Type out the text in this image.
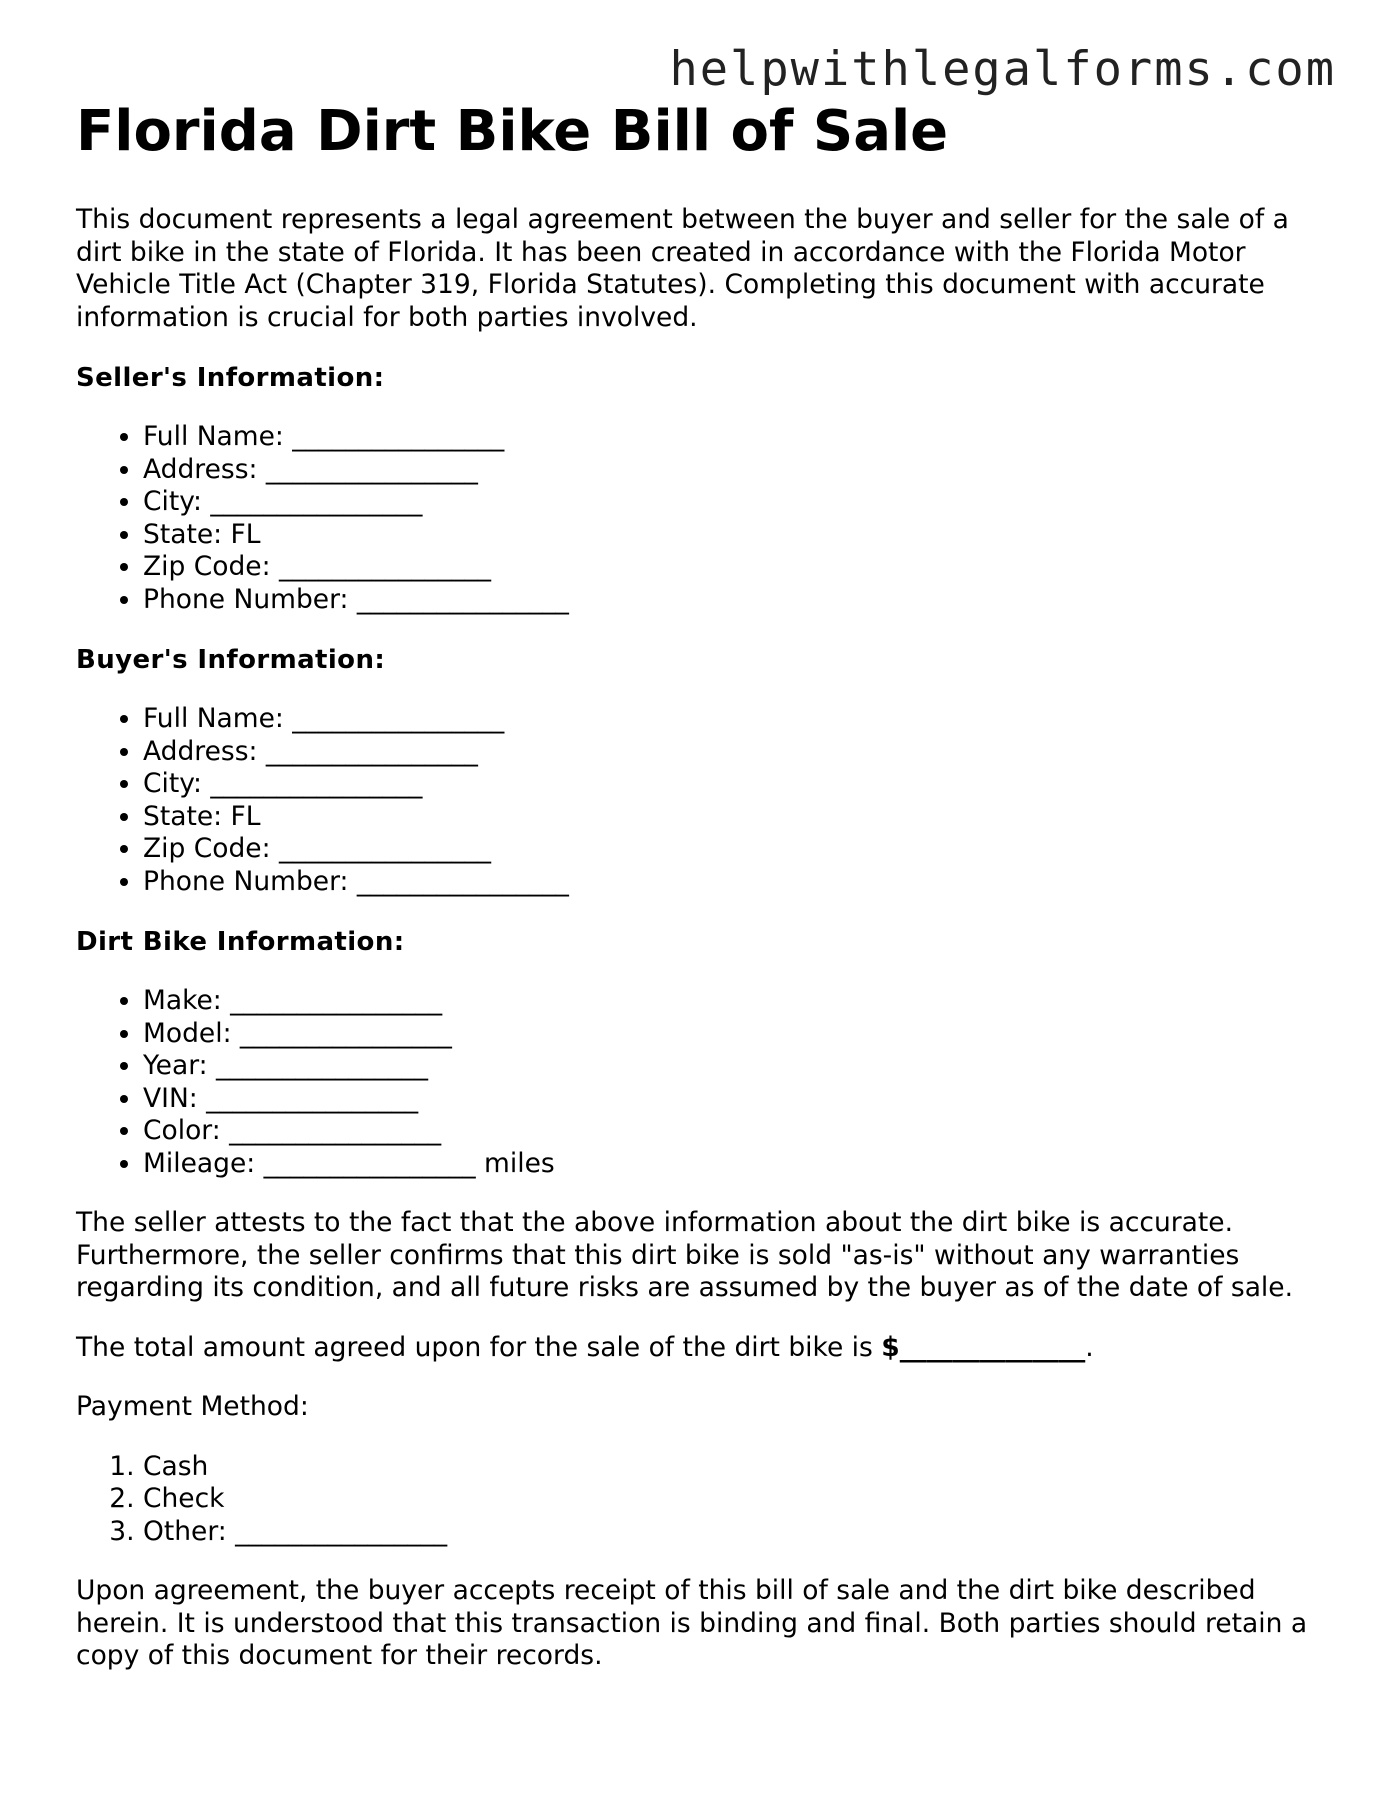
helpwithlegalforms.com
Florida Dirt Bike Bill of Sale

This document represents a legal agreement between the buyer and seller for the sale of a dirt bike in the state of Florida. It has been created in accordance with the Florida Motor Vehicle Title Act (Chapter 319, Florida Statutes). Completing this document with accurate information is crucial for both parties involved.

Seller's Information:
• Full Name: ________________
• Address: ________________
• City: ________________
• State: FL
• Zip Code: ________________
• Phone Number: ________________
Buyer's Information:
• Full Name: ________________
• Address: ________________
• City: ________________
• State: FL
• Zip Code: ________________
• Phone Number: ________________
Dirt Bike Information:
• Make: ________________
• Model: ________________
• Year: ________________
• VIN: ________________
• Color: ________________
• Mileage: ________________ miles

The seller attests to the fact that the above information about the dirt bike is accurate. Furthermore, the seller confirms that this dirt bike is sold "as-is" without any warranties regarding its condition, and all future risks are assumed by the buyer as of the date of sale.

The total amount agreed upon for the sale of the dirt bike is $______________.

Payment Method:

1. Cash
2. Check
3. Other: ________________

Upon agreement, the buyer accepts receipt of this bill of sale and the dirt bike described herein. It is understood that this transaction is binding and final. Both parties should retain a copy of this document for their records.
